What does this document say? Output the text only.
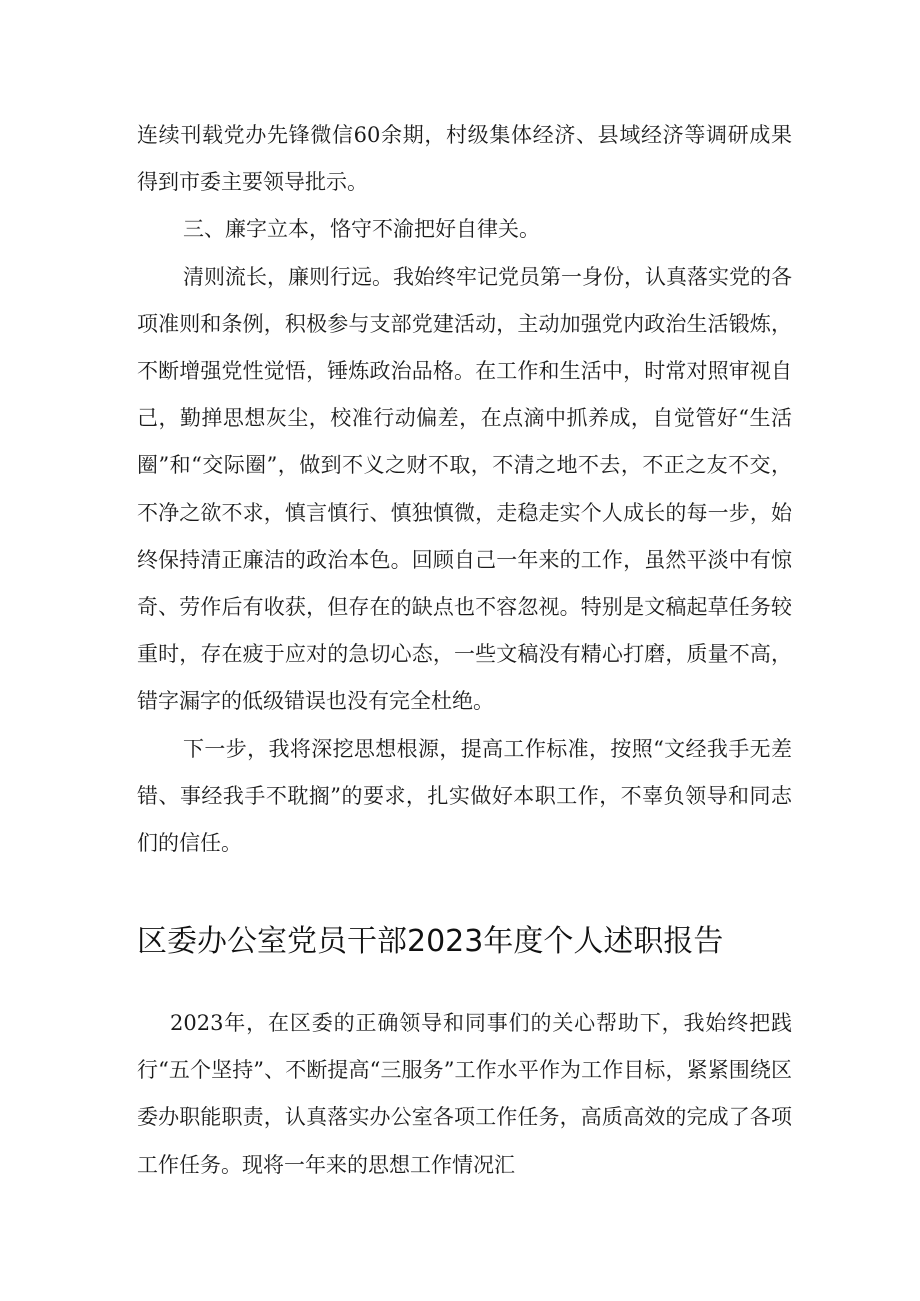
连续刊载党办先锋微信60余期，村级集体经济、县域经济等调研成果得到市委主要领导批示。

三、廉字立本，恪守不渝把好自律关。

清则流长，廉则行远。我始终牢记党员第一身份，认真落实党的各项准则和条例，积极参与支部党建活动，主动加强党内政治生活锻炼，不断增强党性觉悟，锤炼政治品格。在工作和生活中，时常对照审视自己，勤掸思想灰尘，校准行动偏差，在点滴中抓养成，自觉管好“生活圈”和“交际圈”，做到不义之财不取，不清之地不去，不正之友不交，不净之欲不求，慎言慎行、慎独慎微，走稳走实个人成长的每一步，始终保持清正廉洁的政治本色。回顾自己一年来的工作，虽然平淡中有惊奇、劳作后有收获，但存在的缺点也不容忽视。特别是文稿起草任务较重时，存在疲于应对的急切心态，一些文稿没有精心打磨，质量不高，错字漏字的低级错误也没有完全杜绝。

下一步，我将深挖思想根源，提高工作标准，按照“文经我手无差错、事经我手不耽搁”的要求，扎实做好本职工作，不辜负领导和同志们的信任。

区委办公室党员干部2023年度个人述职报告

2023年，在区委的正确领导和同事们的关心帮助下，我始终把践行“五个坚持”、不断提高“三服务”工作水平作为工作目标，紧紧围绕区委办职能职责，认真落实办公室各项工作任务，高质高效的完成了各项工作任务。现将一年来的思想工作情况汇
